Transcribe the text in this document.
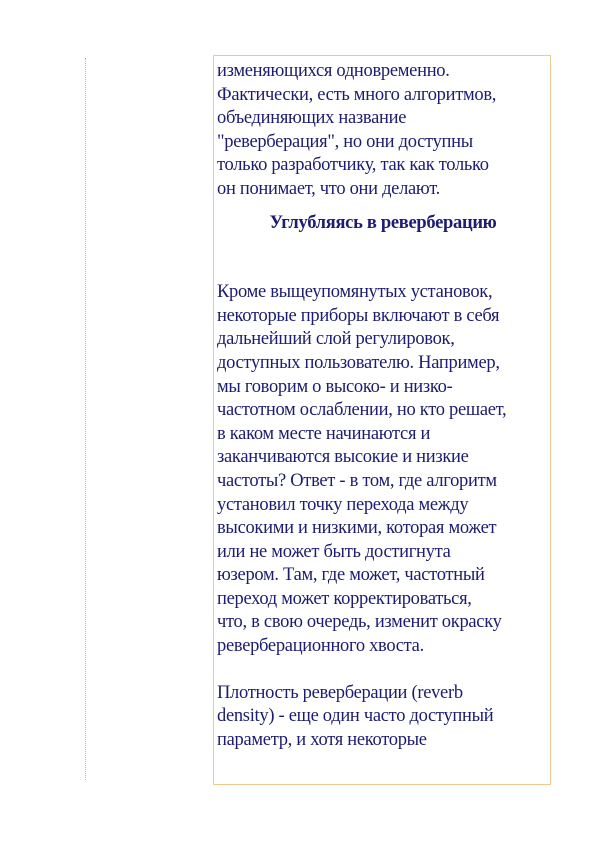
изменяющихся одновременно.
Фактически, есть много алгоритмов,
объединяющих название
"реверберация", но они доступны
только разработчику, так как только
он понимает, что они делают.

Углубляясь в реверберацию

Кроме выщеупомянутых установок,
некоторые приборы включают в себя
дальнейший слой регулировок,
доступных пользователю. Например,
мы говорим о высоко- и низко-
частотном ослаблении, но кто решает,
в каком месте начинаются и
заканчиваются высокие и низкие
частоты? Ответ - в том, где алгоритм
установил точку перехода между
высокими и низкими, которая может
или не может быть достигнута
юзером. Там, где может, частотный
переход может корректироваться,
что, в свою очередь, изменит окраску
реверберационного хвоста.

Плотность реверберации (reverb
density) - еще один часто доступный
параметр, и хотя некоторые
